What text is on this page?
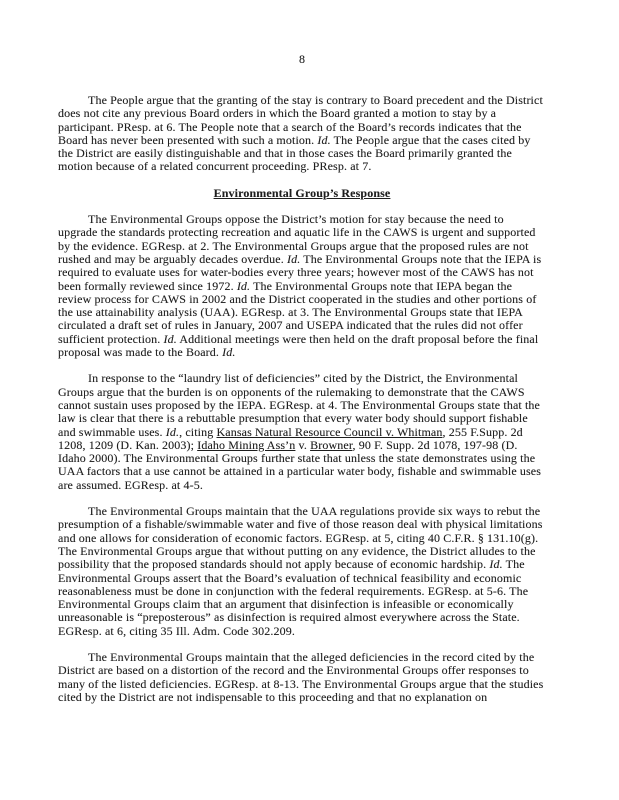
8

The People argue that the granting of the stay is contrary to Board precedent and the District does not cite any previous Board orders in which the Board granted a motion to stay by a participant. PResp. at 6. The People note that a search of the Board’s records indicates that the Board has never been presented with such a motion. Id. The People argue that the cases cited by the District are easily distinguishable and that in those cases the Board primarily granted the motion because of a related concurrent proceeding. PResp. at 7.

Environmental Group’s Response

The Environmental Groups oppose the District’s motion for stay because the need to upgrade the standards protecting recreation and aquatic life in the CAWS is urgent and supported by the evidence. EGResp. at 2. The Environmental Groups argue that the proposed rules are not rushed and may be arguably decades overdue. Id. The Environmental Groups note that the IEPA is required to evaluate uses for water-bodies every three years; however most of the CAWS has not been formally reviewed since 1972. Id. The Environmental Groups note that IEPA began the review process for CAWS in 2002 and the District cooperated in the studies and other portions of the use attainability analysis (UAA). EGResp. at 3. The Environmental Groups state that IEPA circulated a draft set of rules in January, 2007 and USEPA indicated that the rules did not offer sufficient protection. Id. Additional meetings were then held on the draft proposal before the final proposal was made to the Board. Id.

In response to the “laundry list of deficiencies” cited by the District, the Environmental Groups argue that the burden is on opponents of the rulemaking to demonstrate that the CAWS cannot sustain uses proposed by the IEPA. EGResp. at 4. The Environmental Groups state that the law is clear that there is a rebuttable presumption that every water body should support fishable and swimmable uses. Id., citing Kansas Natural Resource Council v. Whitman, 255 F.Supp. 2d 1208, 1209 (D. Kan. 2003); Idaho Mining Ass’n v. Browner, 90 F. Supp. 2d 1078, 197-98 (D. Idaho 2000). The Environmental Groups further state that unless the state demonstrates using the UAA factors that a use cannot be attained in a particular water body, fishable and swimmable uses are assumed. EGResp. at 4-5.

The Environmental Groups maintain that the UAA regulations provide six ways to rebut the presumption of a fishable/swimmable water and five of those reason deal with physical limitations and one allows for consideration of economic factors. EGResp. at 5, citing 40 C.F.R. § 131.10(g). The Environmental Groups argue that without putting on any evidence, the District alludes to the possibility that the proposed standards should not apply because of economic hardship. Id. The Environmental Groups assert that the Board’s evaluation of technical feasibility and economic reasonableness must be done in conjunction with the federal requirements. EGResp. at 5-6. The Environmental Groups claim that an argument that disinfection is infeasible or economically unreasonable is “preposterous” as disinfection is required almost everywhere across the State. EGResp. at 6, citing 35 Ill. Adm. Code 302.209.

The Environmental Groups maintain that the alleged deficiencies in the record cited by the District are based on a distortion of the record and the Environmental Groups offer responses to many of the listed deficiencies. EGResp. at 8-13. The Environmental Groups argue that the studies cited by the District are not indispensable to this proceeding and that no explanation on
